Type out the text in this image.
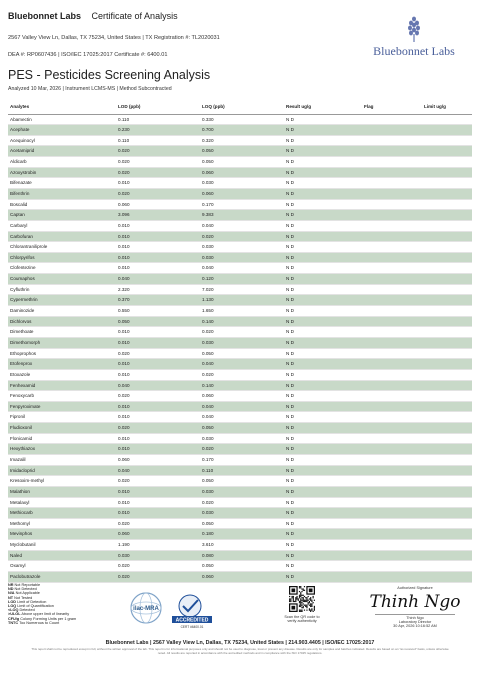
Bluebonnet Labs Certificate of Analysis
2567 Valley View Ln, Dallas, TX 75234, United States | TX Registration #: TL2020031
DEA #: RP0607436 | ISO/IEC 17025:2017 Certificate #: 6400.01	Bluebonnet Labs
PES - Pesticides Screening Analysis
Analyzed 10 Mar, 2026 | Instrument LCMS-MS | Method Subcontracted
Analytes	LOD (ppb)	LOQ (ppb)	Result ug/g	Flag	Limit ug/g
Abamectin	0.110	0.330	N D		
Acephate	0.230	0.700	N D		
Acequinocyl	0.110	0.320	N D		
Acetamiprid	0.020	0.050	N D		
Aldicarb	0.020	0.050	N D		
Azoxystrobin	0.020	0.060	N D		
Bifenazate	0.010	0.030	N D		
Bifenthrin	0.020	0.060	N D		
Boscalid	0.060	0.170	N D		
Captan	3.096	9.383	N D		
Carbaryl	0.010	0.040	N D		
Carbofuran	0.010	0.020	N D		
Chlorantraniliprole	0.010	0.030	N D		
Chlorpyrifos	0.010	0.030	N D		
Clofentezine	0.010	0.040	N D		
Coumaphos	0.040	0.120	N D		
Cyfluthrin	2.320	7.020	N D		
Cypermethrin	0.370	1.130	N D		
Daminozide	0.550	1.650	N D		
Dichlorvos	0.050	0.140	N D		
Dimethoate	0.010	0.020	N D		
Dimethomorph	0.010	0.030	N D		
Ethoprophos	0.020	0.050	N D		
Etofenprox	0.010	0.040	N D		
Etoxazole	0.010	0.020	N D		
Fenhexamid	0.040	0.140	N D		
Fenoxycarb	0.020	0.060	N D		
Fenpyroximate	0.010	0.040	N D		
Fipronil	0.010	0.040	N D		
Fludioxonil	0.020	0.050	N D		
Flonicamid	0.010	0.030	N D		
Hexythiazox	0.010	0.020	N D		
Imazalil	0.060	0.170	N D		
Imidacloprid	0.040	0.110	N D		
Kresoxim-methyl	0.020	0.050	N D		
Malathion	0.010	0.030	N D		
Metalaxyl	0.010	0.020	N D		
Methiocarb	0.010	0.030	N D		
Methomyl	0.020	0.050	N D		
Mevinphos	0.060	0.180	N D		
Myclobutanil	1.190	3.610	N D		
Naled	0.030	0.080	N D		
Oxamyl	0.020	0.050	N D		
Paclobutrazole	0.020	0.060	N D		
NR Not Reportable
ND Not Detected
N/A Not Applicable
NT Not Tested
LOD Limit of Detection
LOQ Limit of Quantification
<LOQ Detected
>ULOL Above upper limit of linearity
CFU/g Colony Forming Units per 1 gram
TNTC Too Numerous to Count
ilac-MRA
ACCREDITED
CERT #6400.01
Scan the QR code to
verify authenticity
Authorized Signature
Thinh Ngo
Thinh Ngo
Laboratory Director
30 Apr, 2026 10:16:52 AM
Bluebonnet Labs | 2567 Valley View Ln, Dallas, TX 75234, United States | 214.903.4405 | ISO/IEC 17025:2017
This report shall not be reproduced except in full, without the written approval of the lab. This report is for informational purposes only and should not be used to diagnose, treat or prevent any disease. Results are only for samples and batches indicated. Results are based on an "as received" basis, unless otherwise noted. All results are reported in accordance with the accredited methods and in compliance with the ISO 17025 regulations.
